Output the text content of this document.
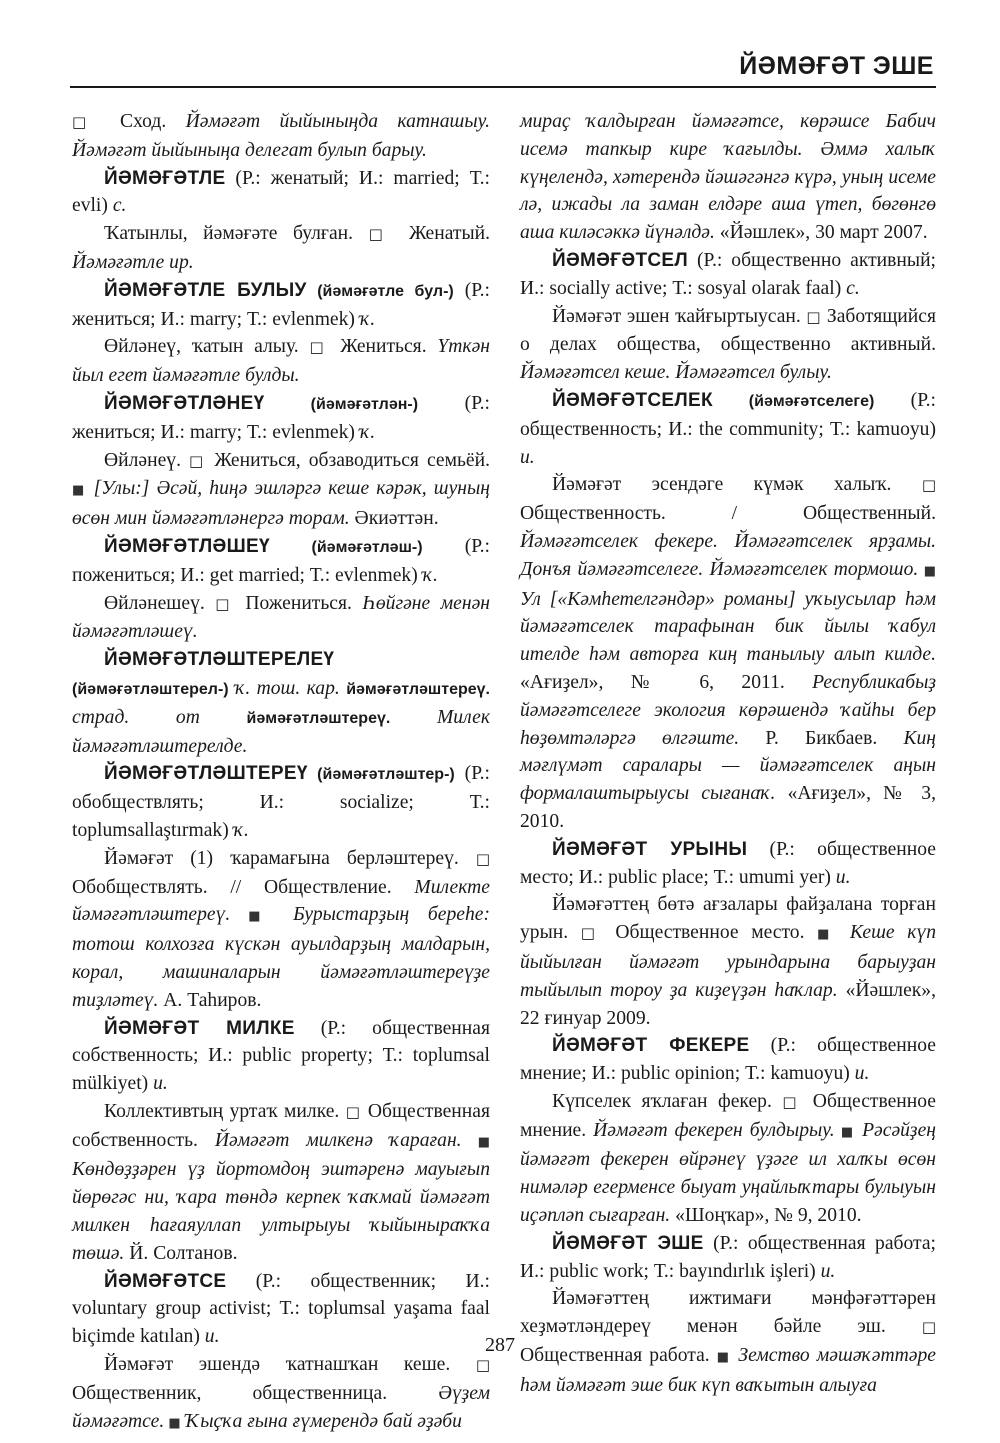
ЙӘМӘҒӘТ ЭШЕ

□ Сход. Йәмәғәт йыйыныңда катнашыу. Йәмәғәт йыйыныңа делегат булып барыу.

ЙӘМӘҒӘТЛЕ (Р.: женатый; И.: married; Т.: evli) с.

Ҡатынлы, йәмәғәте булған. □ Женатый. Йәмәғәтле ир.

ЙӘМӘҒӘТЛЕ БУЛЫУ (йәмәғәтле бул-) (Р.: жениться; И.: marry; Т.: evlenmek) ҡ.

Өйләнеү, ҡатын алыу. □ Жениться. Үткән йыл егет йәмәғәтле булды.

ЙӘМӘҒӘТЛӘНЕҮ (йәмәғәтлән-) (Р.: жениться; И.: marry; Т.: evlenmek) ҡ.

Өйләнеү. □ Жениться, обзаводиться семьёй. ■ [Улы:] Әсәй, һиңә эшләргә кеше кәрәк, шуның өсөн мин йәмәғәтләнергә торам. Әкиәттән.

ЙӘМӘҒӘТЛӘШЕҮ (йәмәғәтләш-) (Р.: пожениться; И.: get married; Т.: evlenmek) ҡ.

Өйләнешеү. □ Пожениться. Һөйгәне менән йәмәғәтләшеү.

ЙӘМӘҒӘТЛӘШТЕРЕЛЕҮ (йәмәғәтләштерел-) ҡ. тош. кар. йәмәғәтләштереү. страд. от йәмәғәтләштереү. Милек йәмәғәтләштерелде.

ЙӘМӘҒӘТЛӘШТЕРЕҮ (йәмәғәтләштер-) (Р.: обобществлять; И.: socialize; Т.: toplumsallaştırmak) ҡ.

Йәмәғәт (1) ҡарамағына берләштереү. □ Обобществлять. // Обществление. Милекте йәмәғәтләштереү. ■ Бурыстарҙың береһе: тотош колхозға күскән ауылдарҙың малдарын, корал, машиналарын йәмәғәтләштереүҙе тиҙләтеү. А. Таһиров.

ЙӘМӘҒӘТ МИЛКЕ (Р.: общественная собственность; И.: public property; Т.: toplumsal mülkiyet) и.

Коллективтың уртаҡ милке. □ Общественная собственность. Йәмәғәт милкенә ҡараған. ■ Көндөҙҙәрен үҙ йортомдоң эштәренә мауығып йөрөгәс ни, ҡара төндә керпек ҡаҡмай йәмәғәт милкен һағаяуллап ултырыуы ҡыйыныраҡҡа төшә. Й. Солтанов.

ЙӘМӘҒӘТСЕ (Р.: общественник; И.: voluntary group activist; Т.: toplumsal yaşama faal biçimde katılan) и.

Йәмәғәт эшендә ҡатнашҡан кеше. □ Общественник, общественница. Әүҙем йәмәғәтсе. ■ Ҡыҫҡа ғына ғүмерендә бай әҙәби

мираҫ ҡалдырған йәмәғәтсе, көрәшсе Бабич исемә тапкыр кире ҡағылды. Әммә халыҡ күңелендә, хәтерендә йәшәгәнгә күрә, уның исеме лә, ижады ла заман елдәре аша үтеп, бөгөнгө аша киләсәккә йүнәлдә. «Йәшлек», 30 март 2007.

ЙӘМӘҒӘТСЕЛ (Р.: общественно активный; И.: socially active; Т.: sosyal olarak faal) с.

Йәмәғәт эшен ҡайғыртыусан. □ Заботящийся о делах общества, общественно активный. Йәмәғәтсел кеше. Йәмәғәтсел булыу.

ЙӘМӘҒӘТСЕЛЕК (йәмәғәтселеге) (Р.: общественность; И.: the community; Т.: kamuoyu) и.

Йәмәғәт эсендәге күмәк халыҡ. □ Общественность. / Общественный. Йәмәғәтселек фекере. Йәмәғәтселек ярҙамы. Донъя йәмәғәтселегe. Йәмәғәтселек тормошо. ■ Ул [«Кәмһетелгәндәр» романы] уҡыусылар һәм йәмәғәтселек тарафынан бик йылы ҡабул ителде һәм авторға киң танылыу алып килде. «Ағиҙел», № 6, 2011. Республикабыҙ йәмәғәтселеге экология көрәшендә ҡайһы бер һөҙөмтәләргә өлгәште. Р. Бикбаев. Киң мәғлүмәт саралары — йәмәғәтселек аңын формалаштырыусы сығанаҡ. «Ағиҙел», № 3, 2010.

ЙӘМӘҒӘТ УРЫНЫ (Р.: общественное место; И.: public place; Т.: umumi yer) и.

Йәмәғәттең бөтә ағзалары файҙалана торған урын. □ Общественное место. ■ Кеше күп йыйылған йәмәғәт урындарына барыуҙан тыйылып тороу ҙа киҙеүҙән һаҡлар. «Йәшлек», 22 ғинуар 2009.

ЙӘМӘҒӘТ ФЕКЕРЕ (Р.: общественное мнение; И.: public opinion; Т.: kamuoyu) и.

Күпселек яҡлаған фекер. □ Общественное мнение. Йәмәғәт фекерен булдырыу. ■ Рәсәйҙең йәмәғәт фекерен өйрәнеү үҙәге ил халҡы өсөн нимәләр егерменсе быуат уңайлыҡтары булыуын иҫәпләп сығарған. «Шоңҡар», № 9, 2010.

ЙӘМӘҒӘТ ЭШЕ (Р.: общественная работа; И.: public work; Т.: bayındırlık işleri) и.

Йәмәғәттең ижтимағи мәнфәғәттәрен хеҙмәтләндереү менән бәйле эш. □ Общественная работа. ■ Земство мәшәҡәттәре һәм йәмәғәт эше бик күп ваҡытын алыуға

287
